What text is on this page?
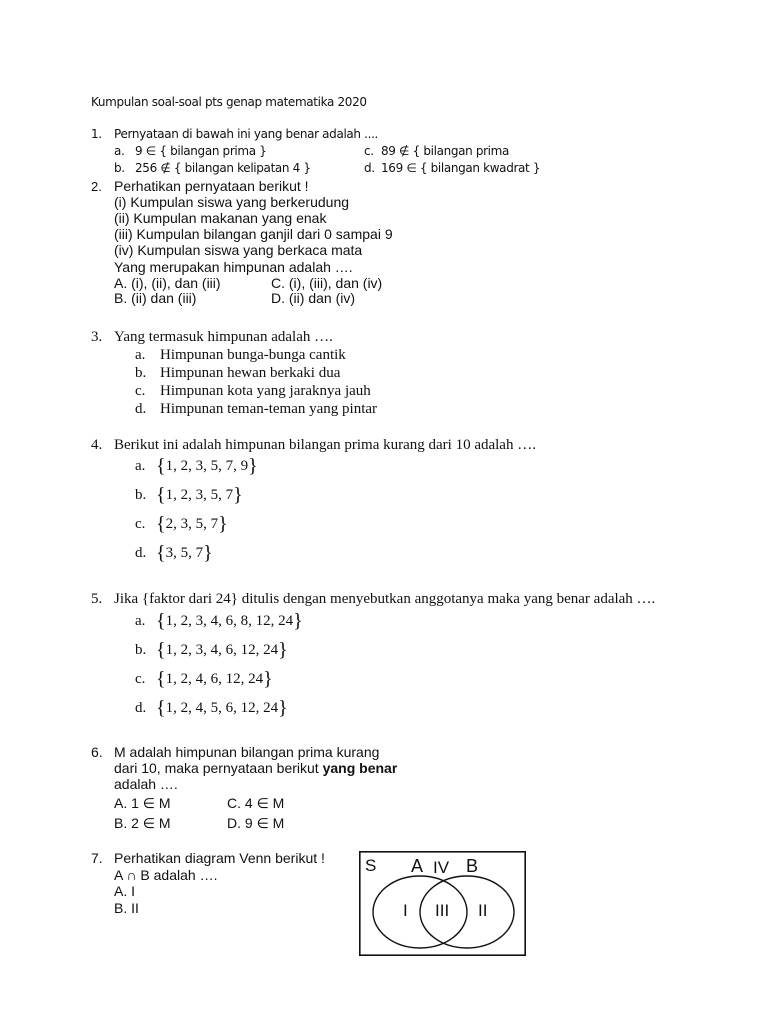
Kumpulan soal-soal pts genap matematika 2020
1. Pernyataan di bawah ini yang benar adalah ....
a. 9 ∈ { bilangan prima }	c. 89 ∉ { bilangan prima
b. 256 ∉ { bilangan kelipatan 4 }	d. 169 ∈ { bilangan kwadrat }
2. Perhatikan pernyataan berikut !
(i) Kumpulan siswa yang berkerudung
(ii) Kumpulan makanan yang enak
(iii) Kumpulan bilangan ganjil dari 0 sampai 9
(iv) Kumpulan siswa yang berkaca mata
Yang merupakan himpunan adalah ….
A. (i), (ii), dan (iii)	C. (i), (iii), dan (iv)
B. (ii) dan (iii)	D. (ii) dan (iv)
3. Yang termasuk himpunan adalah ….
a. Himpunan bunga-bunga cantik
b. Himpunan hewan berkaki dua
c. Himpunan kota yang jaraknya jauh
d. Himpunan teman-teman yang pintar
4. Berikut ini adalah himpunan bilangan prima kurang dari 10 adalah ….
a. {1, 2, 3, 5, 7, 9}
b. {1, 2, 3, 5, 7}
c. {2, 3, 5, 7}
d. {3, 5, 7}
5. Jika {faktor dari 24} ditulis dengan menyebutkan anggotanya maka yang benar adalah ….
a. {1, 2, 3, 4, 6, 8, 12, 24}
b. {1, 2, 3, 4, 6, 12, 24}
c. {1, 2, 4, 6, 12, 24}
d. {1, 2, 4, 5, 6, 12, 24}
6. M adalah himpunan bilangan prima kurang
dari 10, maka pernyataan berikut yang benar
adalah ….
A. 1 ∈ M	C. 4 ∈ M
B. 2 ∈ M	D. 9 ∈ M
7. Perhatikan diagram Venn berikut !
A ∩ B adalah ….
A. I
B. II
S A IV B
I III II
